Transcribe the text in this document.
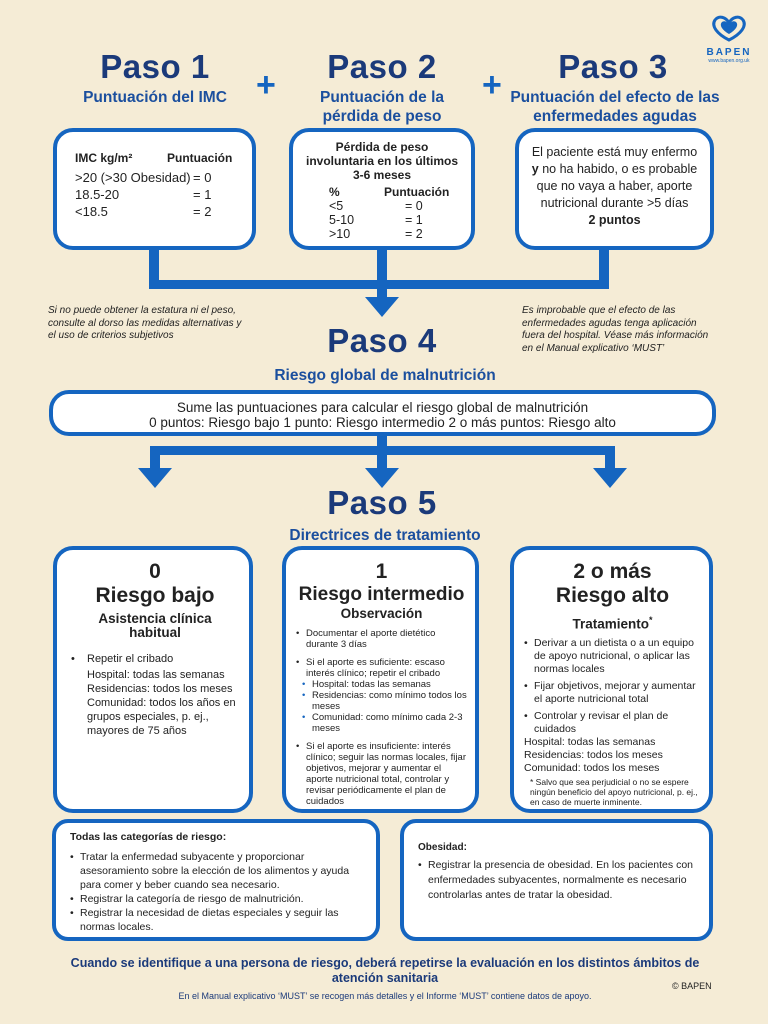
BAPEN
www.bapen.org.uk
Paso 1
Puntuación del IMC +	Paso 2
Puntuación de la pérdida de peso
+	Paso 3
Puntuación del efecto de las enfermedades agudas
IMC kg/m²	Puntuación
>20 (>30 Obesidad) = 0
18.5-20	= 1
<18.5	= 2
Pérdida de peso involuntaria en los últimos 3-6 meses
%	Puntuación
<5	= 0
5-10	= 1
>10	= 2
El paciente está muy enfermo y no ha habido, o es probable que no vaya a haber, aporte nutricional durante >5 días
2 puntos
Si no puede obtener la estatura ni el peso, consulte al dorso las medidas alternativas y el uso de criterios subjetivos
Es improbable que el efecto de las enfermedades agudas tenga aplicación fuera del hospital. Véase más información en el Manual explicativo ‘MUST’
Paso 4
Riesgo global de malnutrición
Sume las puntuaciones para calcular el riesgo global de malnutrición
0 puntos: Riesgo bajo 1 punto: Riesgo intermedio 2 o más puntos: Riesgo alto
Paso 5
Directrices de tratamiento
0
Riesgo bajo
Asistencia clínica habitual
• Repetir el cribado
Hospital: todas las semanas
Residencias: todos los meses
Comunidad: todos los años en grupos especiales, p. ej., mayores de 75 años
1
Riesgo intermedio
Observación
• Documentar el aporte dietético durante 3 días
• Si el aporte es suficiente: escaso interés clínico; repetir el cribado
• Hospital: todas las semanas
• Residencias: como mínimo todos los meses
• Comunidad: como mínimo cada 2-3 meses
• Si el aporte es insuficiente: interés clínico; seguir las normas locales, fijar objetivos, mejorar y aumentar el aporte nutricional total, controlar y revisar periódicamente el plan de cuidados
2 o más
Riesgo alto
Tratamiento*
• Derivar a un dietista o a un equipo de apoyo nutricional, o aplicar las normas locales
• Fijar objetivos, mejorar y aumentar el aporte nutricional total
• Controlar y revisar el plan de cuidados
Hospital: todas las semanas
Residencias: todos los meses
Comunidad: todos los meses
* Salvo que sea perjudicial o no se espere ningún beneficio del apoyo nutricional, p. ej., en caso de muerte inminente.
Todas las categorías de riesgo:
• Tratar la enfermedad subyacente y proporcionar asesoramiento sobre la elección de los alimentos y ayuda para comer y beber cuando sea necesario.
• Registrar la categoría de riesgo de malnutrición.
• Registrar la necesidad de dietas especiales y seguir las normas locales.
Obesidad:
• Registrar la presencia de obesidad. En los pacientes con enfermedades subyacentes, normalmente es necesario controlarlas antes de tratar la obesidad.
Cuando se identifique a una persona de riesgo, deberá repetirse la evaluación en los distintos ámbitos de atención sanitaria
En el Manual explicativo ‘MUST’ se recogen más detalles y el Informe ‘MUST’ contiene datos de apoyo.
© BAPEN
